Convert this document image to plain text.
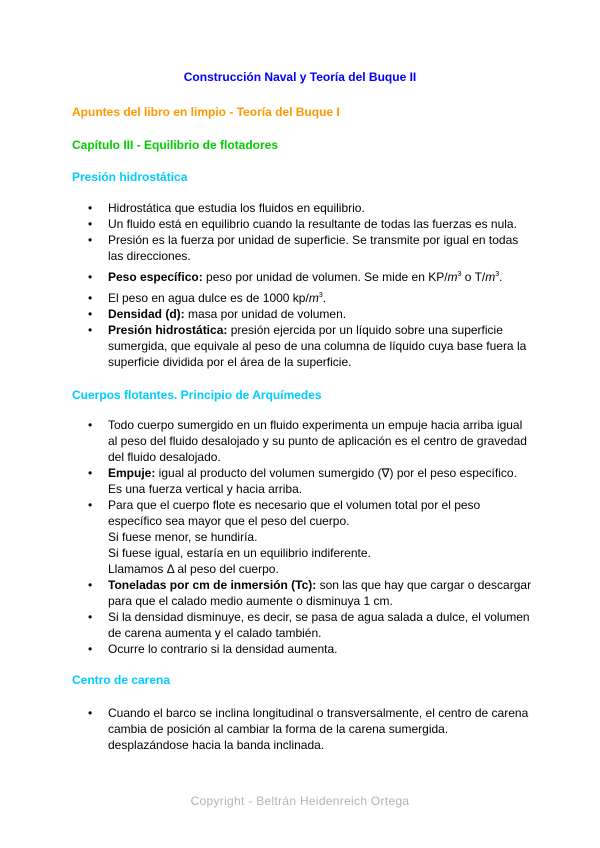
Construcción Naval y Teoría del Buque II
Apuntes del libro en limpio - Teoría del Buque I
Capítulo III - Equilibrio de flotadores
Presión hidrostática
• Hidrostática que estudia los fluidos en equilibrio.
• Un fluido está en equilibrio cuando la resultante de todas las fuerzas es nula.
• Presión es la fuerza por unidad de superficie. Se transmite por igual en todas las direcciones.
• Peso específico: peso por unidad de volumen. Se mide en $KP/m^3$ o $T/m^3$.
• El peso en agua dulce es de 1000 $kp/m^3$.
• Densidad (d): masa por unidad de volumen.
• Presión hidrostática: presión ejercida por un líquido sobre una superficie sumergida, que equivale al peso de una columna de líquido cuya base fuera la superficie dividida por el área de la superficie.
Cuerpos flotantes. Principio de Arquímedes
• Todo cuerpo sumergido en un fluido experimenta un empuje hacia arriba igual al peso del fluido desalojado y su punto de aplicación es el centro de gravedad del fluido desalojado.
• Empuje: igual al producto del volumen sumergido (∇) por el peso específico. Es una fuerza vertical y hacia arriba.
• Para que el cuerpo flote es necesario que el volumen total por el peso específico sea mayor que el peso del cuerpo.
Si fuese menor, se hundiría.
Si fuese igual, estaría en un equilibrio indiferente.
Llamamos Δ al peso del cuerpo.
• Toneladas por cm de inmersión (Tc): son las que hay que cargar o descargar para que el calado medio aumente o disminuya 1 cm.
• Si la densidad disminuye, es decir, se pasa de agua salada a dulce, el volumen de carena aumenta y el calado también.
• Ocurre lo contrario si la densidad aumenta.
Centro de carena
• Cuando el barco se inclina longitudinal o transversalmente, el centro de carena cambia de posición al cambiar la forma de la carena sumergida. desplazándose hacia la banda inclinada.
Copyright - Beltrán Heidenreich Ortega
